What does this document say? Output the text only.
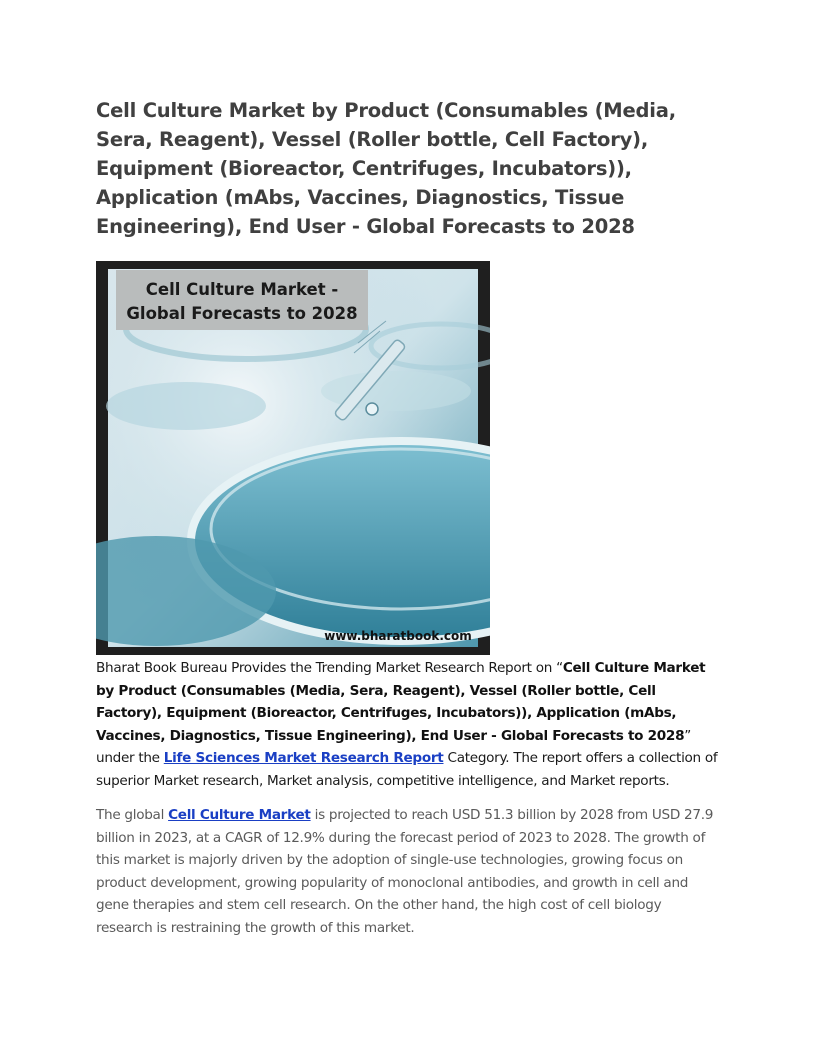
Cell Culture Market by Product (Consumables (Media, Sera, Reagent), Vessel (Roller bottle, Cell Factory), Equipment (Bioreactor, Centrifuges, Incubators)), Application (mAbs, Vaccines, Diagnostics, Tissue Engineering), End User - Global Forecasts to 2028
Cell Culture Market -
Global Forecasts to 2028
www.bharatbook.com

Bharat Book Bureau Provides the Trending Market Research Report on “Cell Culture Market by Product (Consumables (Media, Sera, Reagent), Vessel (Roller bottle, Cell Factory), Equipment (Bioreactor, Centrifuges, Incubators)), Application (mAbs, Vaccines, Diagnostics, Tissue Engineering), End User - Global Forecasts to 2028” under the Life Sciences Market Research Report Category. The report offers a collection of superior Market research, Market analysis, competitive intelligence, and Market reports.

The global Cell Culture Market is projected to reach USD 51.3 billion by 2028 from USD 27.9 billion in 2023, at a CAGR of 12.9% during the forecast period of 2023 to 2028. The growth of this market is majorly driven by the adoption of single-use technologies, growing focus on product development, growing popularity of monoclonal antibodies, and growth in cell and gene therapies and stem cell research. On the other hand, the high cost of cell biology research is restraining the growth of this market.
